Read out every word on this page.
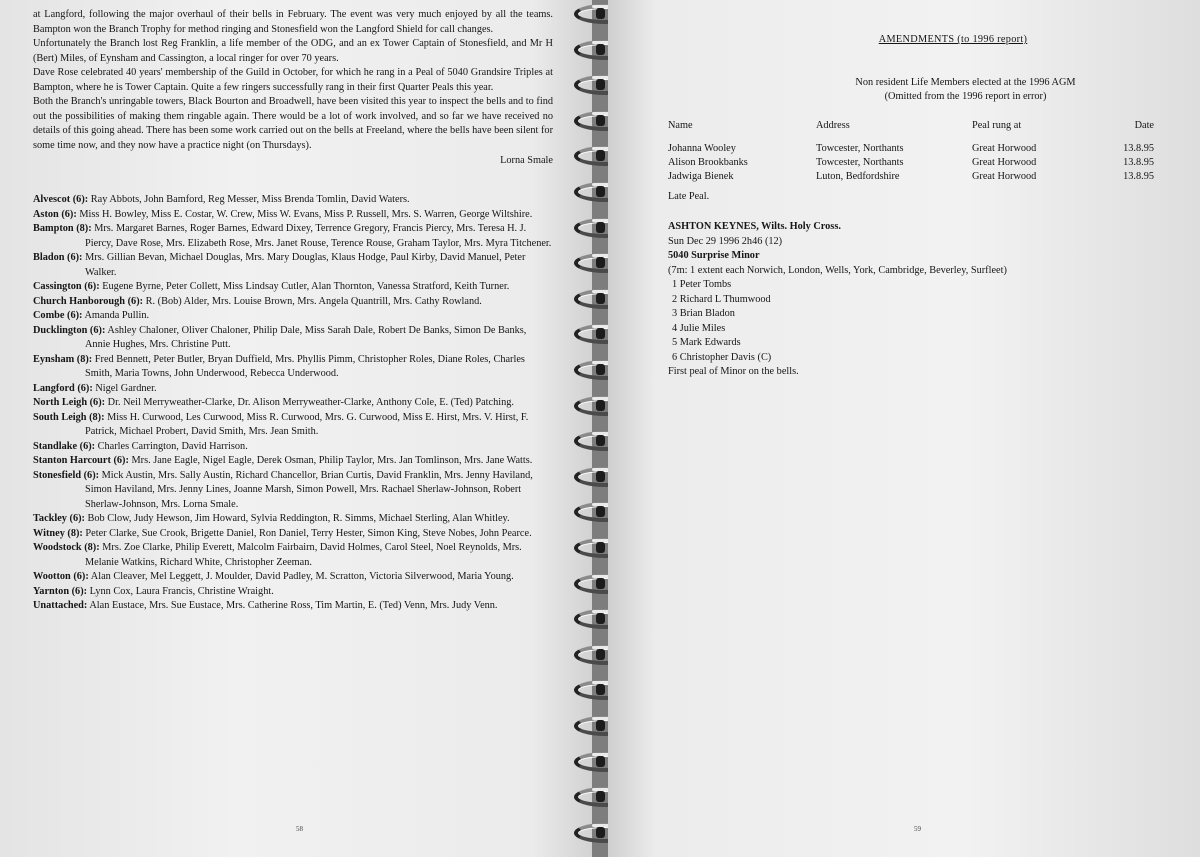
at Langford, following the major overhaul of their bells in February. The event was very much enjoyed by all the teams. Bampton won the Branch Trophy for method ringing and Stonesfield won the Langford Shield for call changes.

Unfortunately the Branch lost Reg Franklin, a life member of the ODG, and an ex Tower Captain of Stonesfield, and Mr H (Bert) Miles, of Eynsham and Cassington, a local ringer for over 70 years.

Dave Rose celebrated 40 years' membership of the Guild in October, for which he rang in a Peal of 5040 Grandsire Triples at Bampton, where he is Tower Captain. Quite a few ringers successfully rang in their first Quarter Peals this year.

Both the Branch's unringable towers, Black Bourton and Broadwell, have been visited this year to inspect the bells and to find out the possibilities of making them ringable again. There would be a lot of work involved, and so far we have received no details of this going ahead. There has been some work carried out on the bells at Freeland, where the bells have been silent for some time now, and they now have a practice night (on Thursdays).

Lorna Smale
Alvescot (6): Ray Abbots, John Bamford, Reg Messer, Miss Brenda Tomlin, David Waters.
Aston (6): Miss H. Bowley, Miss E. Costar, W. Crew, Miss W. Evans, Miss P. Russell, Mrs. S. Warren, George Wiltshire.
Bampton (8): Mrs. Margaret Barnes, Roger Barnes, Edward Dixey, Terrence Gregory, Francis Piercy, Mrs. Teresa H. J. Piercy, Dave Rose, Mrs. Elizabeth Rose, Mrs. Janet Rouse, Terence Rouse, Graham Taylor, Mrs. Myra Titchener.
Bladon (6): Mrs. Gillian Bevan, Michael Douglas, Mrs. Mary Douglas, Klaus Hodge, Paul Kirby, David Manuel, Peter Walker.
Cassington (6): Eugene Byrne, Peter Collett, Miss Lindsay Cutler, Alan Thornton, Vanessa Stratford, Keith Turner.
Church Hanborough (6): R. (Bob) Alder, Mrs. Louise Brown, Mrs. Angela Quantrill, Mrs. Cathy Rowland.
Combe (6): Amanda Pullin.
Ducklington (6): Ashley Chaloner, Oliver Chaloner, Philip Dale, Miss Sarah Dale, Robert De Banks, Simon De Banks, Annie Hughes, Mrs. Christine Putt.
Eynsham (8): Fred Bennett, Peter Butler, Bryan Duffield, Mrs. Phyllis Pimm, Christopher Roles, Diane Roles, Charles Smith, Maria Towns, John Underwood, Rebecca Underwood.
Langford (6): Nigel Gardner.
North Leigh (6): Dr. Neil Merryweather-Clarke, Dr. Alison Merryweather-Clarke, Anthony Cole, E. (Ted) Patching.
South Leigh (8): Miss H. Curwood, Les Curwood, Miss R. Curwood, Mrs. G. Curwood, Miss E. Hirst, Mrs. V. Hirst, F. Patrick, Michael Probert, David Smith, Mrs. Jean Smith.
Standlake (6): Charles Carrington, David Harrison.
Stanton Harcourt (6): Mrs. Jane Eagle, Nigel Eagle, Derek Osman, Philip Taylor, Mrs. Jan Tomlinson, Mrs. Jane Watts.
Stonesfield (6): Mick Austin, Mrs. Sally Austin, Richard Chancellor, Brian Curtis, David Franklin, Mrs. Jenny Haviland, Simon Haviland, Mrs. Jenny Lines, Joanne Marsh, Simon Powell, Mrs. Rachael Sherlaw-Johnson, Robert Sherlaw-Johnson, Mrs. Lorna Smale.
Tackley (6): Bob Clow, Judy Hewson, Jim Howard, Sylvia Reddington, R. Simms, Michael Sterling, Alan Whitley.
Witney (8): Peter Clarke, Sue Crook, Brigette Daniel, Ron Daniel, Terry Hester, Simon King, Steve Nobes, John Pearce.
Woodstock (8): Mrs. Zoe Clarke, Philip Everett, Malcolm Fairbairn, David Holmes, Carol Steel, Noel Reynolds, Mrs. Melanie Watkins, Richard White, Christopher Zeeman.
Wootton (6): Alan Cleaver, Mel Leggett, J. Moulder, David Padley, M. Scratton, Victoria Silverwood, Maria Young.
Yarnton (6): Lynn Cox, Laura Francis, Christine Wraight.
Unattached: Alan Eustace, Mrs. Sue Eustace, Mrs. Catherine Ross, Tim Martin, E. (Ted) Venn, Mrs. Judy Venn.
58
AMENDMENTS (to 1996 report)
Non resident Life Members elected at the 1996 AGM
(Omitted from the 1996 report in error)
Name	Address	Peal rung at	Date
Johanna Wooley	Towcester, Northants	Great Horwood	13.8.95
Alison Brookbanks	Towcester, Northants	Great Horwood	13.8.95
Jadwiga Bienek	Luton, Bedfordshire	Great Horwood	13.8.95
Late Peal.
ASHTON KEYNES, Wilts. Holy Cross.
Sun Dec 29 1996 2h46 (12)
5040 Surprise Minor
(7m: 1 extent each Norwich, London, Wells, York, Cambridge, Beverley, Surfleet)
1 Peter Tombs
2 Richard L Thumwood
3 Brian Bladon
4 Julie Miles
5 Mark Edwards
6 Christopher Davis (C)
First peal of Minor on the bells.
59
